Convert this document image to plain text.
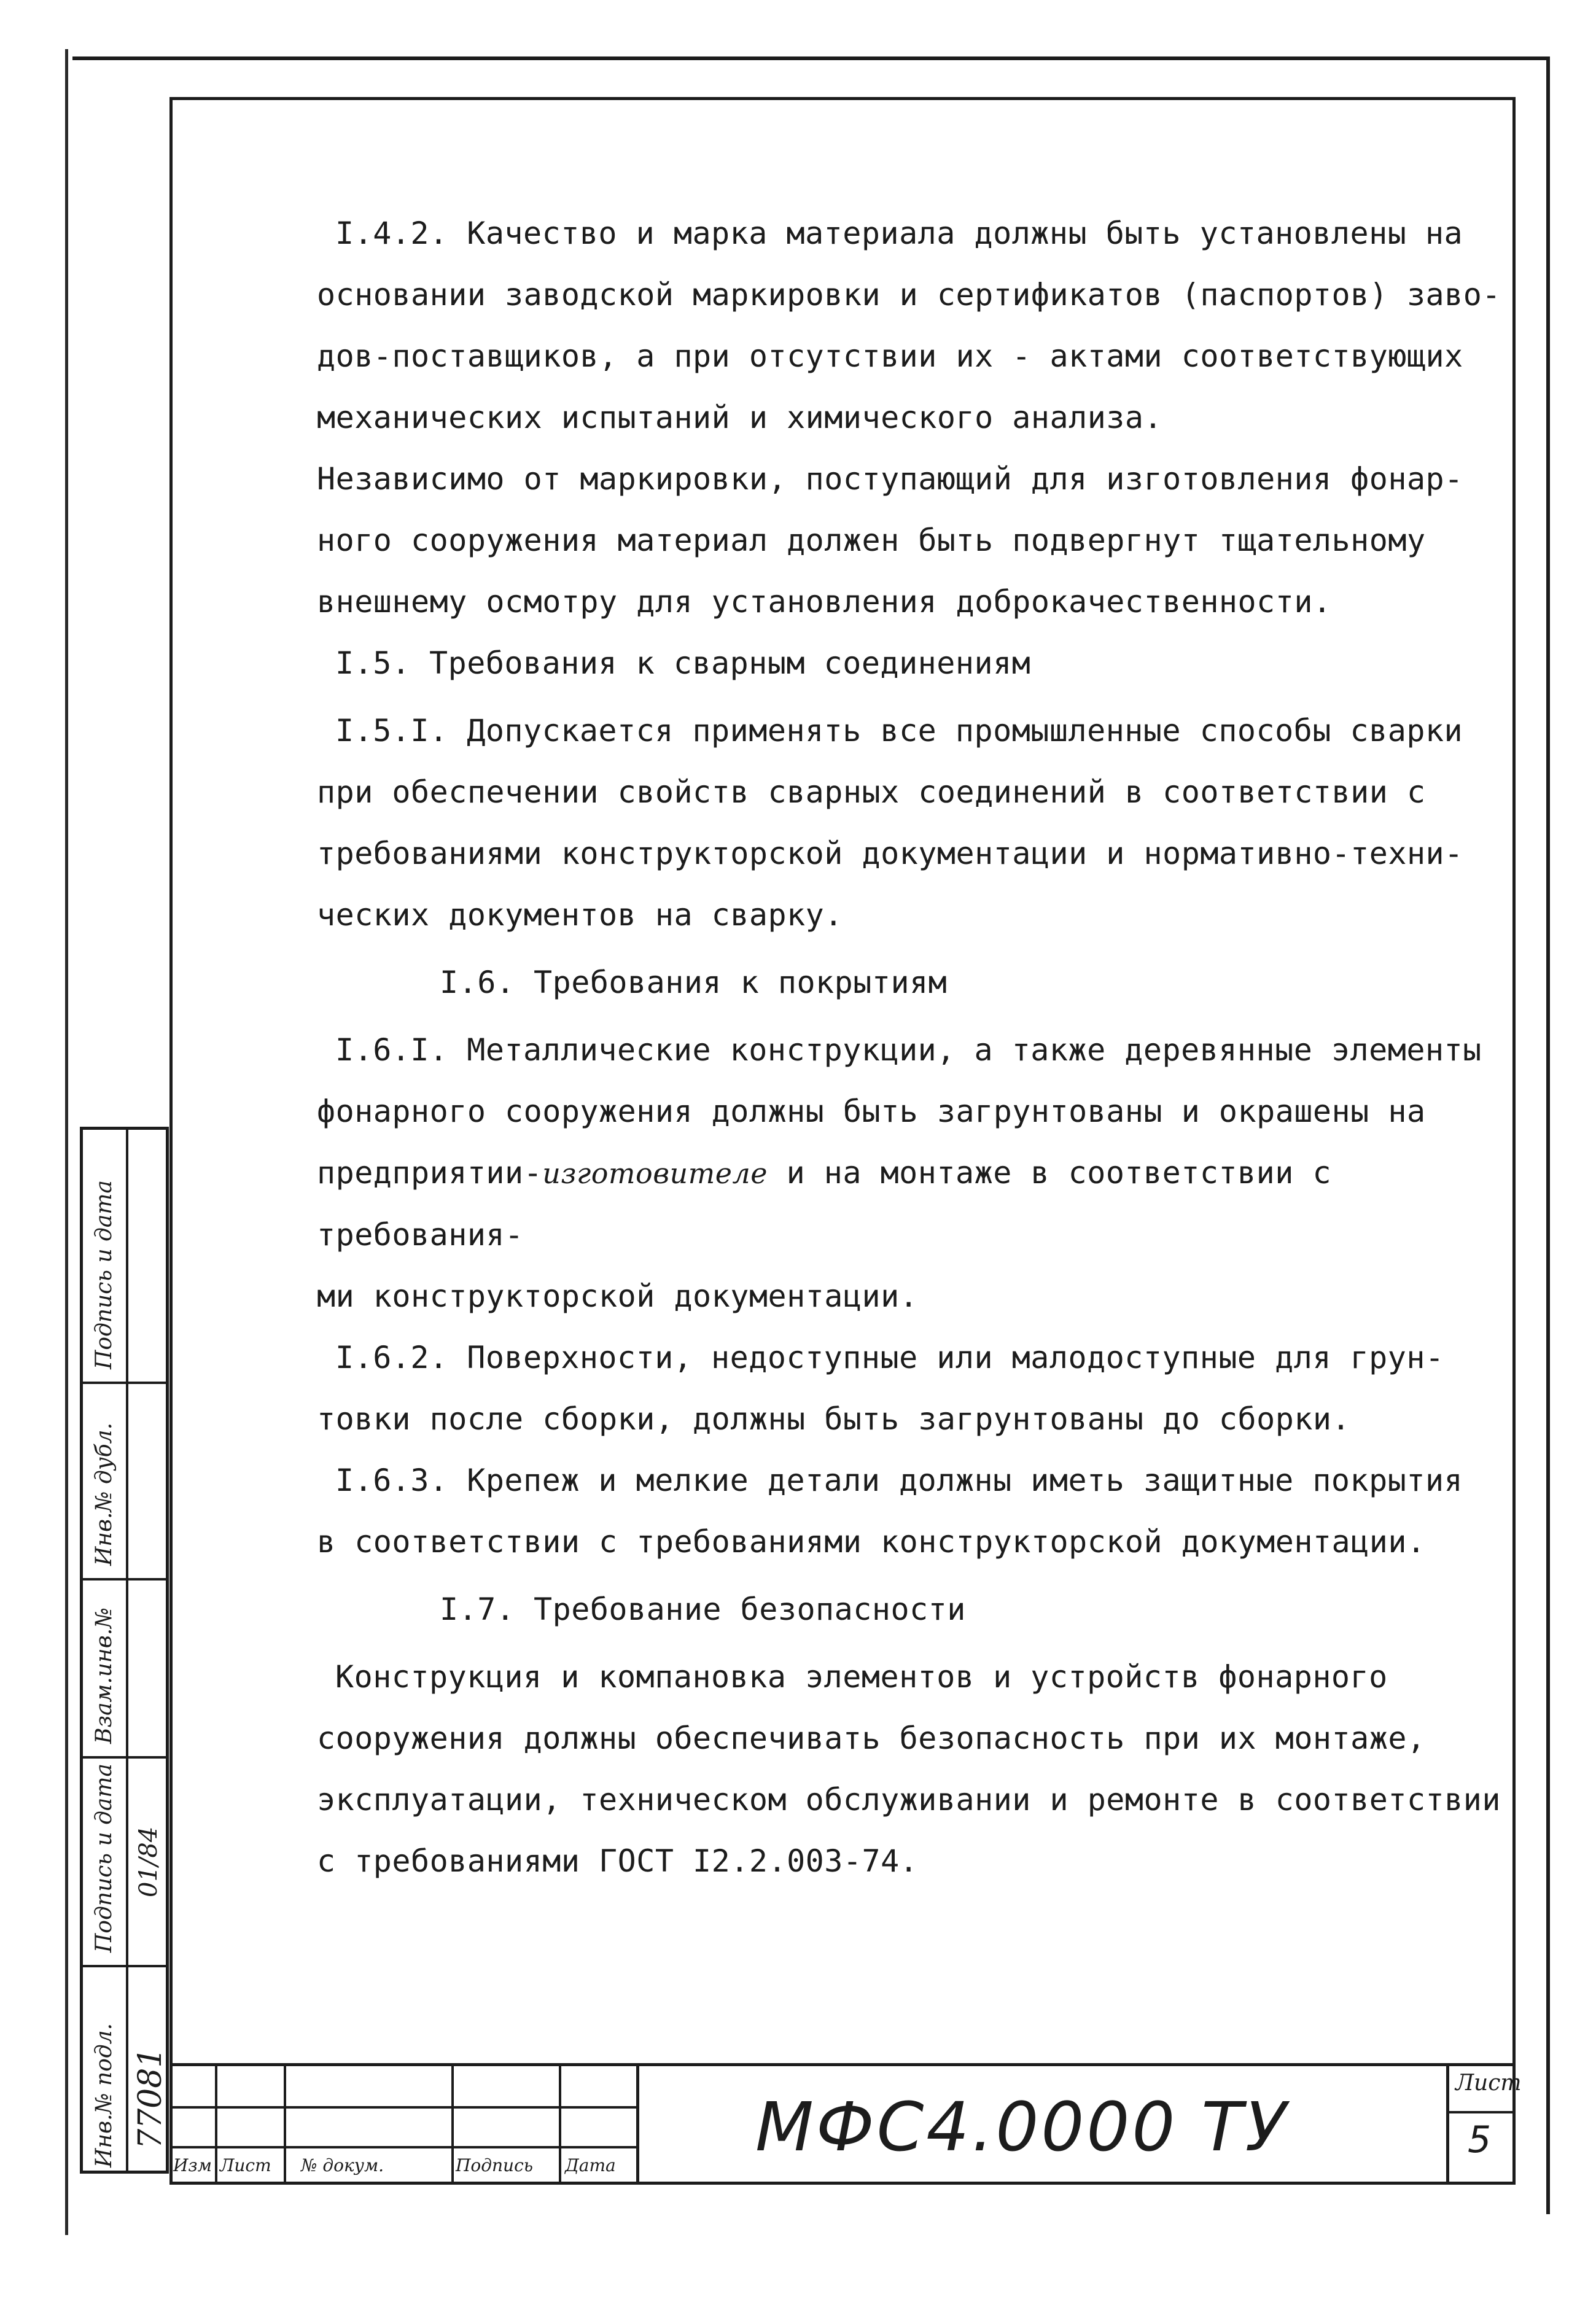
I.4.2. Качество и марка материала должны быть установлены на

основании заводской маркировки и сертификатов (паспортов) заво-

дов-поставщиков, а при отсутствии их - актами соответствующих

механических испытаний и химического анализа.

Независимо от маркировки, поступающий для изготовления фонар-

ного сооружения материал должен быть подвергнут тщательному

внешнему осмотру для установления доброкачественности.

I.5. Требования к сварным соединениям

I.5.I. Допускается применять все промышленные способы сварки

при обеспечении свойств сварных соединений в соответствии с

требованиями конструкторской документации и нормативно-техни-

ческих документов на сварку.

I.6. Требования к покрытиям

I.6.I. Металлические конструкции, а также деревянные элементы

фонарного сооружения должны быть загрунтованы и окрашены на

предприятии-изготовителе и на монтаже в соответствии с требования-

ми конструкторской документации.

I.6.2. Поверхности, недоступные или малодоступные для грун-

товки после сборки, должны быть загрунтованы до сборки.

I.6.3. Крепеж и мелкие детали должны иметь защитные покрытия

в соответствии с требованиями конструкторской документации.

I.7. Требование безопасности

Конструкция и компановка элементов и устройств фонарного

сооружения должны обеспечивать безопасность при их монтаже,

эксплуатации, техническом обслуживании и ремонте в соответствии

с требованиями ГОСТ I2.2.003-74.

Подпись и дата
Инв.№ дубл.
Взам.инв.№
Подпись и дата 01/84
Инв.№ подл. 77081
Изм Лист № докум.	Подпись Дата МФС4.0000 ТУ
Лист
5
